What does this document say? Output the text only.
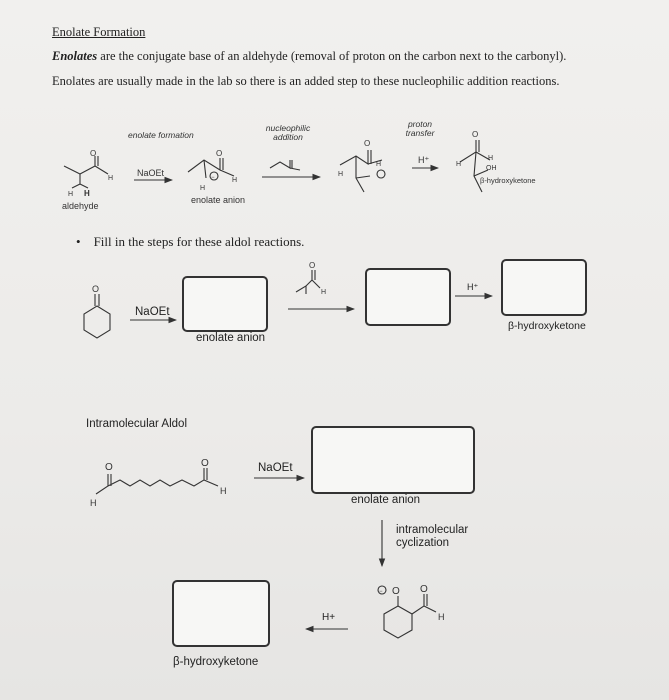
Enolate Formation
Enolates are the conjugate base of an aldehyde (removal of proton on the carbon next to the carbonyl).
Enolates are usually made in the lab so there is an added step to these nucleophilic addition reactions.
enolate formation
nucleophilic addition
proton transfer
NaOEt
H⁺
aldehyde
enolate anion
β-hydroxyketone
•    Fill in the steps for these aldol reactions.
NaOEt
enolate anion
H⁺
β-hydroxyketone
Intramolecular Aldol
NaOEt
enolate anion
intramolecular cyclization
H+
β-hydroxyketone
O
H
H H
O
H
H
−
O
H
H
O
H
H
OH
O
O
H
O	O
H
H
O O
H
−
